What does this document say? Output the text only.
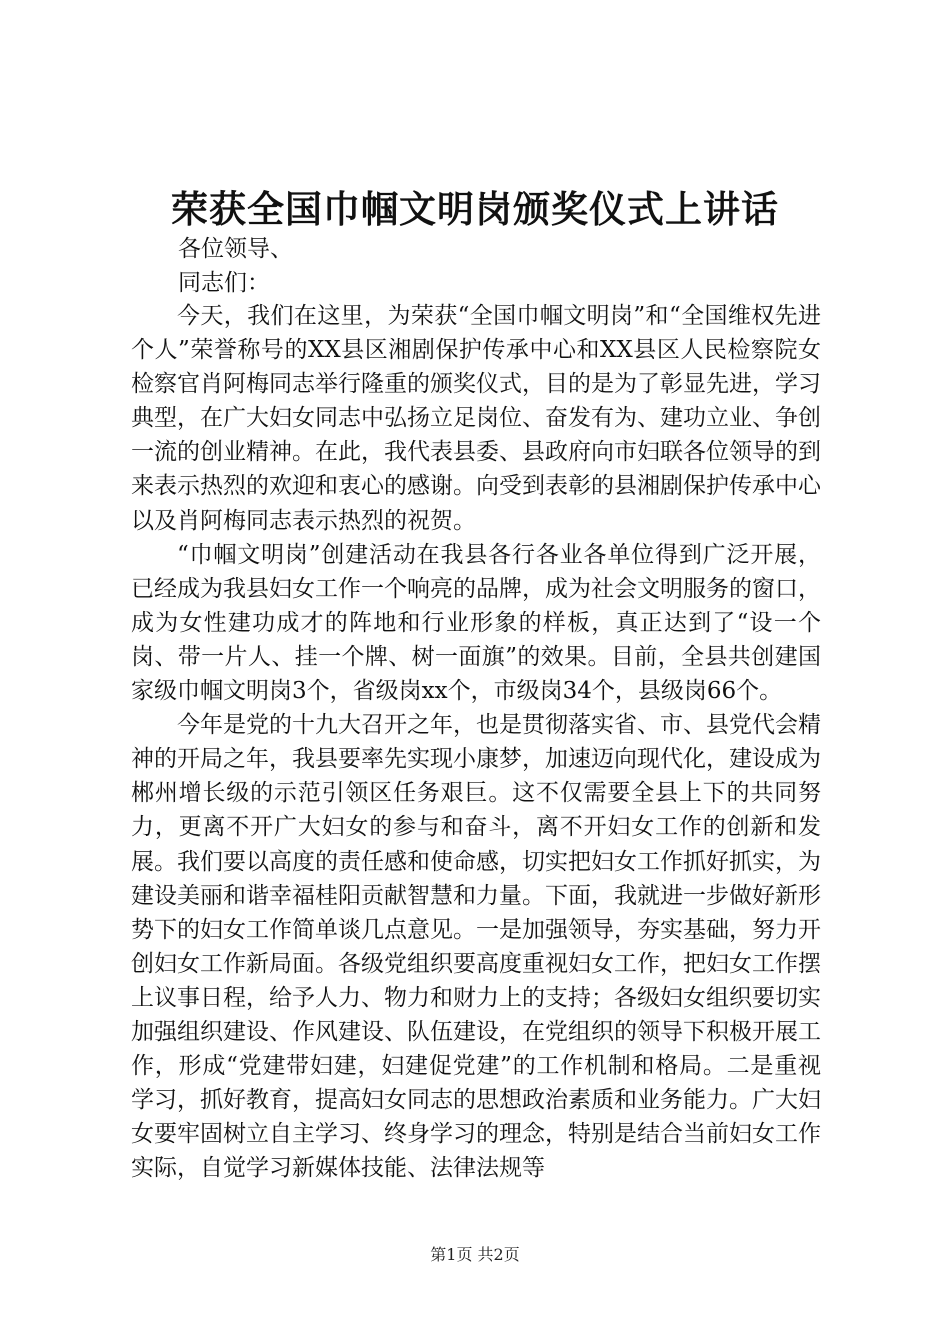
荣获全国巾帼文明岗颁奖仪式上讲话
各位领导、
同志们：

今天，我们在这里，为荣获“全国巾帼文明岗”和“全国维权先进个人”荣誉称号的XX县区湘剧保护传承中心和XX县区人民检察院女检察官肖阿梅同志举行隆重的颁奖仪式，目的是为了彰显先进，学习典型，在广大妇女同志中弘扬立足岗位、奋发有为、建功立业、争创一流的创业精神。在此，我代表县委、县政府向市妇联各位领导的到来表示热烈的欢迎和衷心的感谢。向受到表彰的县湘剧保护传承中心以及肖阿梅同志表示热烈的祝贺。

“巾帼文明岗”创建活动在我县各行各业各单位得到广泛开展，已经成为我县妇女工作一个响亮的品牌，成为社会文明服务的窗口，成为女性建功成才的阵地和行业形象的样板，真正达到了“设一个岗、带一片人、挂一个牌、树一面旗”的效果。目前，全县共创建国家级巾帼文明岗3个，省级岗xx个，市级岗34个，县级岗66个。

今年是党的十九大召开之年，也是贯彻落实省、市、县党代会精神的开局之年，我县要率先实现小康梦，加速迈向现代化，建设成为郴州增长级的示范引领区任务艰巨。这不仅需要全县上下的共同努力，更离不开广大妇女的参与和奋斗，离不开妇女工作的创新和发展。我们要以高度的责任感和使命感，切实把妇女工作抓好抓实，为建设美丽和谐幸福桂阳贡献智慧和力量。下面，我就进一步做好新形势下的妇女工作简单谈几点意见。一是加强领导，夯实基础，努力开创妇女工作新局面。各级党组织要高度重视妇女工作，把妇女工作摆上议事日程，给予人力、物力和财力上的支持；各级妇女组织要切实加强组织建设、作风建设、队伍建设，在党组织的领导下积极开展工作，形成“党建带妇建，妇建促党建”的工作机制和格局。二是重视学习，抓好教育，提高妇女同志的思想政治素质和业务能力。广大妇女要牢固树立自主学习、终身学习的理念，特别是结合当前妇女工作实际，自觉学习新媒体技能、法律法规等

第1页 共2页
